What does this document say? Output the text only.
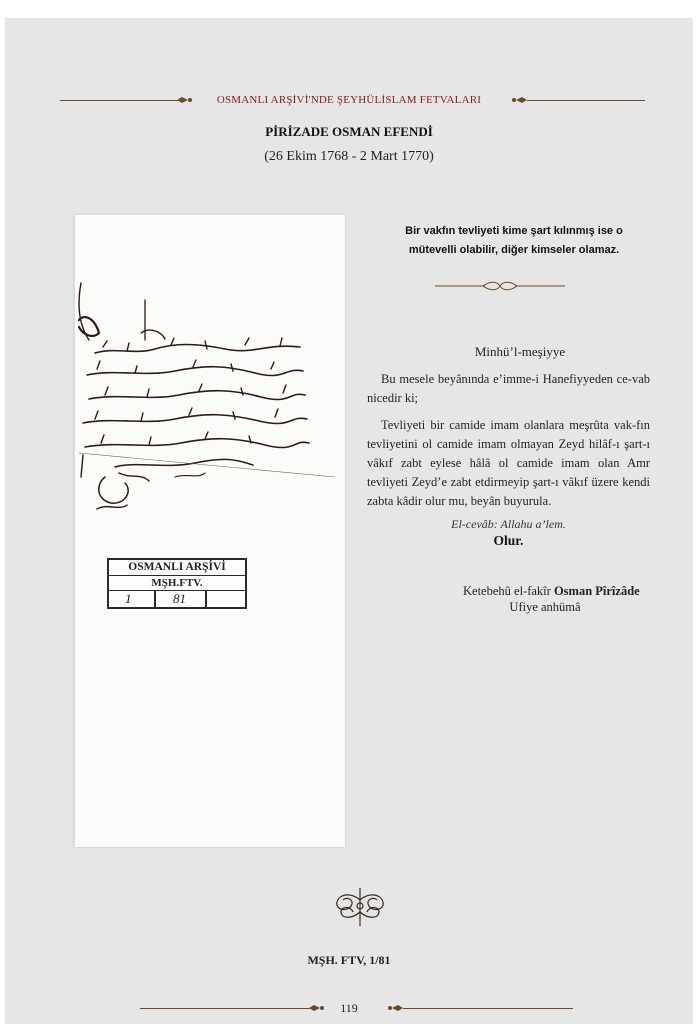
OSMANLI ARŞİVİ'NDE ŞEYHÜLİSLAM FETVALARI
PİRİZADE OSMAN EFENDİ
(26 Ekim 1768 - 2 Mart 1770)
OSMANLI ARŞİVİ
MŞH.FTV.
1	81
Bir vakfın tevliyeti kime şart kılınmış ise o
mütevelli olabilir, diğer kimseler olamaz.
Minhü’l-meşiyye

Bu mesele beyânında e’imme-i Hanefiyyeden ce-vab nicedir ki;

Tevliyeti bir camide imam olanlara meşrûta vak-fın tevliyetini ol camide imam olmayan Zeyd hilâf-ı şart-ı vâkıf zabt eylese hâlâ ol camide imam olan Amr tevliyeti Zeyd’e zabt etdirmeyip şart-ı vâkıf üzere kendi zabta kâdir olur mu, beyân buyurula.

El-cevâb: Allahu a’lem.
Olur.
Ketebehû el-fakîr Osman Pîrîzâde
Ufiye anhümâ
MŞH. FTV, 1/81
119
